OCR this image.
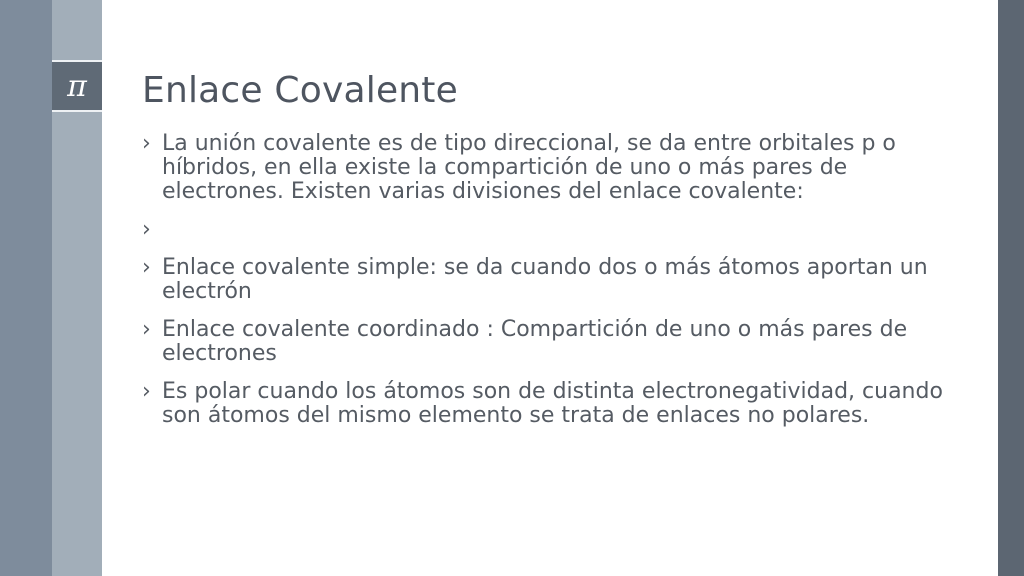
π	Enlace Covalente
› La unión covalente es de tipo direccional, se da entre orbitales p o híbridos, en ella existe la compartición de uno o más pares de electrones. Existen varias divisiones del enlace covalente:
›
› Enlace covalente simple: se da cuando dos o más átomos aportan un electrón
› Enlace covalente coordinado : Compartición de uno o más pares de electrones
› Es polar cuando los átomos son de distinta electronegatividad, cuando son átomos del mismo elemento se trata de enlaces no polares.
